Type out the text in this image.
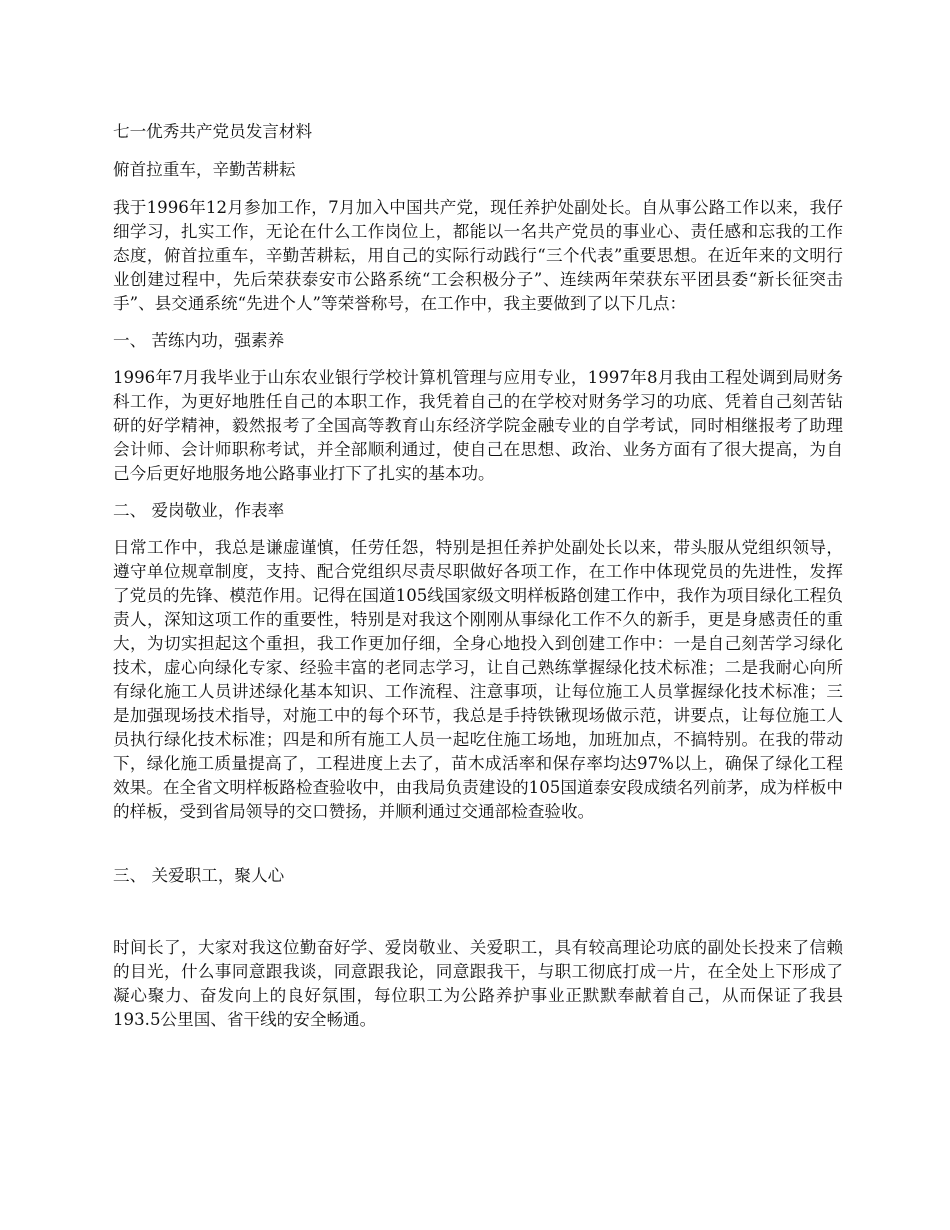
七一优秀共产党员发言材料

俯首拉重车，辛勤苦耕耘

我于1996年12月参加工作，7月加入中国共产党，现任养护处副处长。自从事公路工作以来，我仔细学习，扎实工作，无论在什么工作岗位上，都能以一名共产党员的事业心、责任感和忘我的工作态度，俯首拉重车，辛勤苦耕耘，用自己的实际行动践行“三个代表”重要思想。在近年来的文明行业创建过程中，先后荣获泰安市公路系统“工会积极分子”、连续两年荣获东平团县委“新长征突击手”、县交通系统“先进个人”等荣誉称号，在工作中，我主要做到了以下几点：

一、 苦练内功，强素养

1996年7月我毕业于山东农业银行学校计算机管理与应用专业，1997年8月我由工程处调到局财务科工作，为更好地胜任自己的本职工作，我凭着自己的在学校对财务学习的功底、凭着自己刻苦钻研的好学精神，毅然报考了全国高等教育山东经济学院金融专业的自学考试，同时相继报考了助理会计师、会计师职称考试，并全部顺利通过，使自己在思想、政治、业务方面有了很大提高，为自己今后更好地服务地公路事业打下了扎实的基本功。

二、 爱岗敬业，作表率

日常工作中，我总是谦虚谨慎，任劳任怨，特别是担任养护处副处长以来，带头服从党组织领导，遵守单位规章制度，支持、配合党组织尽责尽职做好各项工作，在工作中体现党员的先进性，发挥了党员的先锋、模范作用。记得在国道105线国家级文明样板路创建工作中，我作为项目绿化工程负责人，深知这项工作的重要性，特别是对我这个刚刚从事绿化工作不久的新手，更是身感责任的重大，为切实担起这个重担，我工作更加仔细，全身心地投入到创建工作中：一是自己刻苦学习绿化技术，虚心向绿化专家、经验丰富的老同志学习，让自己熟练掌握绿化技术标准；二是我耐心向所有绿化施工人员讲述绿化基本知识、工作流程、注意事项，让每位施工人员掌握绿化技术标准；三是加强现场技术指导，对施工中的每个环节，我总是手持铁锹现场做示范，讲要点，让每位施工人员执行绿化技术标准；四是和所有施工人员一起吃住施工场地，加班加点，不搞特别。在我的带动下，绿化施工质量提高了，工程进度上去了，苗木成活率和保存率均达97%以上，确保了绿化工程效果。在全省文明样板路检查验收中，由我局负责建设的105国道泰安段成绩名列前茅，成为样板中的样板，受到省局领导的交口赞扬，并顺利通过交通部检查验收。

三、 关爱职工，聚人心

时间长了，大家对我这位勤奋好学、爱岗敬业、关爱职工，具有较高理论功底的副处长投来了信赖的目光，什么事同意跟我谈，同意跟我论，同意跟我干，与职工彻底打成一片，在全处上下形成了凝心聚力、奋发向上的良好氛围，每位职工为公路养护事业正默默奉献着自己，从而保证了我县193.5公里国、省干线的安全畅通。
